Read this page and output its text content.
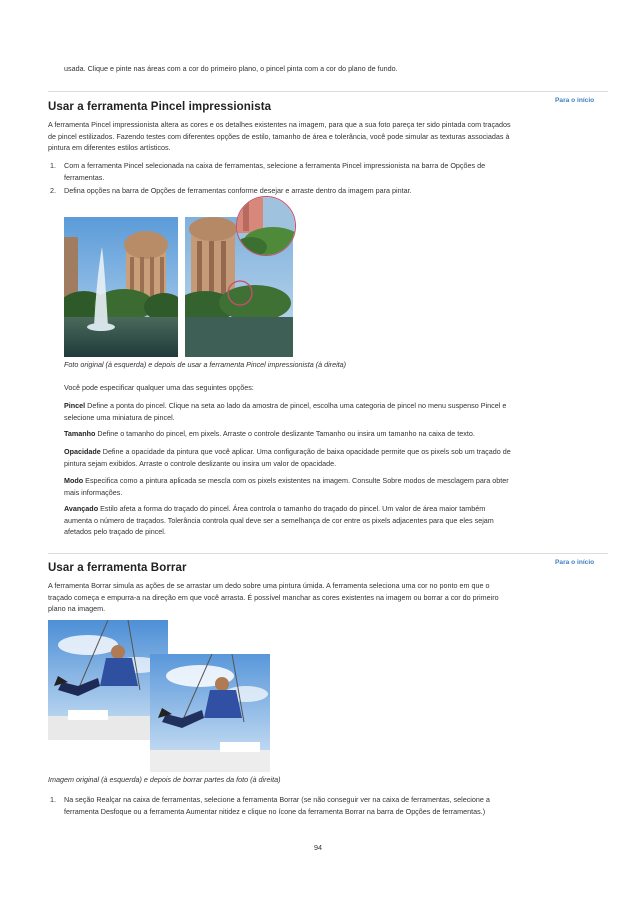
usada. Clique e pinte nas áreas com a cor do primeiro plano, o pincel pinta com a cor do plano de fundo.
Para o início
Usar a ferramenta Pincel impressionista
A ferramenta Pincel impressionista altera as cores e os detalhes existentes na imagem, para que a sua foto pareça ter sido pintada com traçados
de pincel estilizados. Fazendo testes com diferentes opções de estilo, tamanho de área e tolerância, você pode simular as texturas associadas à
pintura em diferentes estilos artísticos.
1. Com a ferramenta Pincel selecionada na caixa de ferramentas, selecione a ferramenta Pincel impressionista na barra de Opções de
ferramentas.
2. Defina opções na barra de Opções de ferramentas conforme desejar e arraste dentro da imagem para pintar.
Foto original (à esquerda) e depois de usar a ferramenta Pincel impressionista (à direita)
Você pode especificar qualquer uma das seguintes opções:
Pincel Define a ponta do pincel. Clique na seta ao lado da amostra de pincel, escolha uma categoria de pincel no menu suspenso Pincel e
selecione uma miniatura de pincel.
Tamanho Define o tamanho do pincel, em pixels. Arraste o controle deslizante Tamanho ou insira um tamanho na caixa de texto.
Opacidade Define a opacidade da pintura que você aplicar. Uma configuração de baixa opacidade permite que os pixels sob um traçado de
pintura sejam exibidos. Arraste o controle deslizante ou insira um valor de opacidade.
Modo Especifica como a pintura aplicada se mescla com os pixels existentes na imagem. Consulte Sobre modos de mesclagem para obter
mais informações.
Avançado Estilo afeta a forma do traçado do pincel. Área controla o tamanho do traçado do pincel. Um valor de área maior também
aumenta o número de traçados. Tolerância controla qual deve ser a semelhança de cor entre os pixels adjacentes para que eles sejam
afetados pelo traçado de pincel.
Para o início
Usar a ferramenta Borrar
A ferramenta Borrar simula as ações de se arrastar um dedo sobre uma pintura úmida. A ferramenta seleciona uma cor no ponto em que o
traçado começa e empurra-a na direção em que você arrasta. É possível manchar as cores existentes na imagem ou borrar a cor do primeiro
plano na imagem.
Imagem original (à esquerda) e depois de borrar partes da foto (à direita)
1. Na seção Realçar na caixa de ferramentas, selecione a ferramenta Borrar (se não conseguir ver na caixa de ferramentas, selecione a
ferramenta Desfoque ou a ferramenta Aumentar nitidez e clique no ícone da ferramenta Borrar na barra de Opções de ferramentas.)
94
